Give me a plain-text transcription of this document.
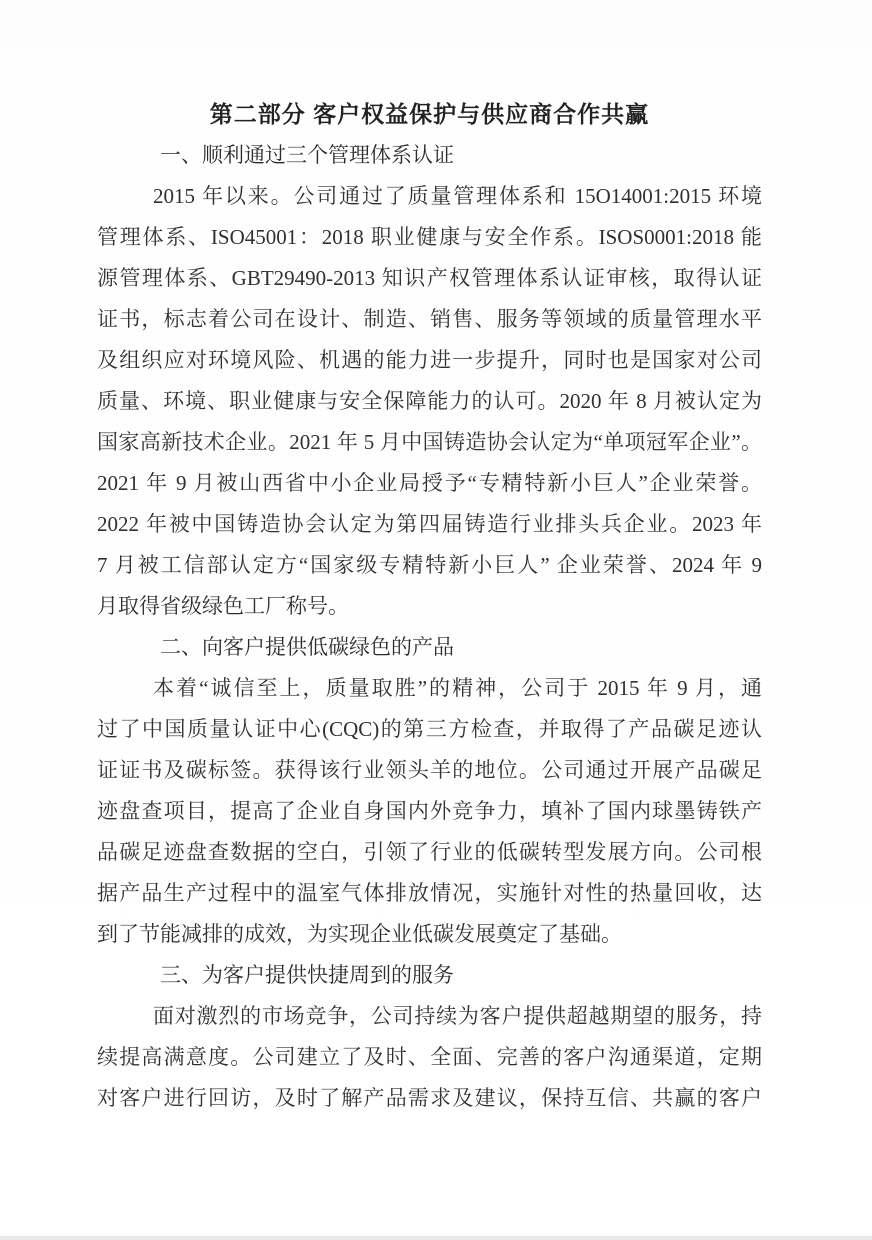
第二部分 客户权益保护与供应商合作共赢
一、顺利通过三个管理体系认证
2015 年以来。公司通过了质量管理体系和 15O14001:2015 环境
管理体系、ISO45001：2018 职业健康与安全作系。ISOS0001:2018 能
源管理体系、GBT29490-2013 知识产权管理体系认证审核，取得认证
证书，标志着公司在设计、制造、销售、服务等领域的质量管理水平
及组织应对环境风险、机遇的能力进一步提升，同时也是国家对公司
质量、环境、职业健康与安全保障能力的认可。2020 年 8 月被认定为
国家高新技术企业。2021 年 5 月中国铸造协会认定为“单项冠军企业”。
2021 年 9 月被山西省中小企业局授予“专精特新小巨人”企业荣誉。
2022 年被中国铸造协会认定为第四届铸造行业排头兵企业。2023 年
7 月被工信部认定方“国家级专精特新小巨人” 企业荣誉、2024 年 9
月取得省级绿色工厂称号。
二、向客户提供低碳绿色的产品
本着“诚信至上，质量取胜”的精神，公司于 2015 年 9 月，通
过了中国质量认证中心(CQC)的第三方检查，并取得了产品碳足迹认
证证书及碳标签。获得该行业领头羊的地位。公司通过开展产品碳足
迹盘查项目，提高了企业自身国内外竞争力，填补了国内球墨铸铁产
品碳足迹盘查数据的空白，引领了行业的低碳转型发展方向。公司根
据产品生产过程中的温室气体排放情况，实施针对性的热量回收，达
到了节能减排的成效，为实现企业低碳发展奠定了基础。
三、为客户提供快捷周到的服务
面对激烈的市场竞争，公司持续为客户提供超越期望的服务，持
续提高满意度。公司建立了及时、全面、完善的客户沟通渠道，定期
对客户进行回访，及时了解产品需求及建议，保持互信、共赢的客户
